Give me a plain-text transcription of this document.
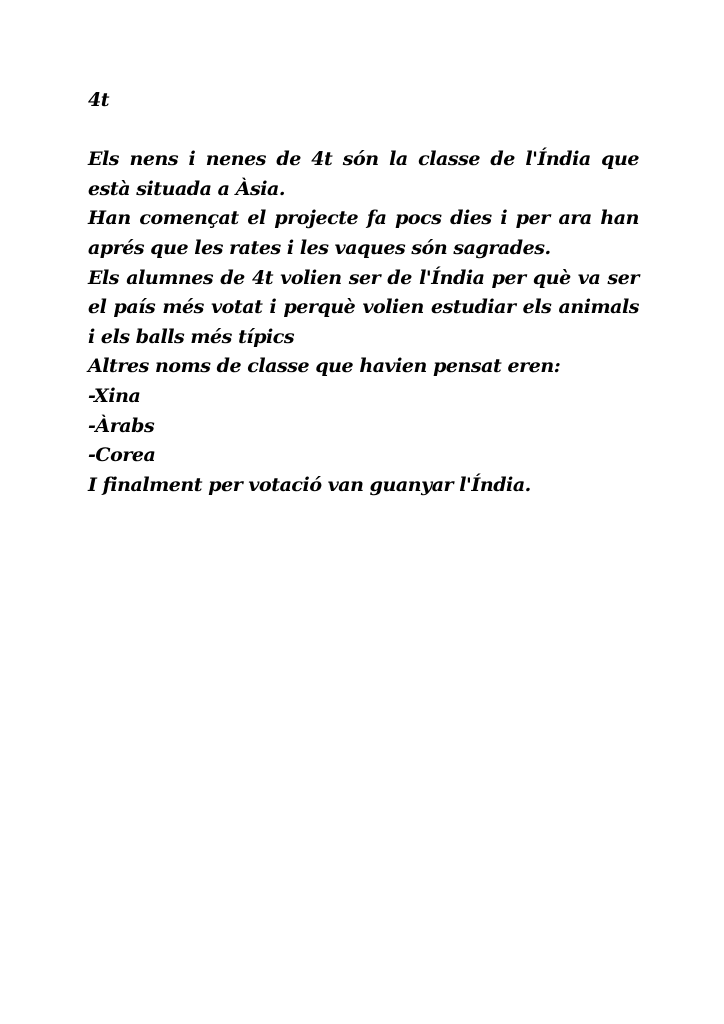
4t

Els nens i nenes de 4t són la classe de l'Índia que està situada a Àsia.

Han començat el projecte fa pocs dies i per ara han aprés que les rates i les vaques són sagrades.

Els alumnes de 4t volien ser de l'Índia per què va ser el país més votat i perquè volien estudiar els animals i els balls més típics

Altres noms de classe que havien pensat eren:

-Xina

-Àrabs

-Corea

I finalment per votació van guanyar l'Índia.
